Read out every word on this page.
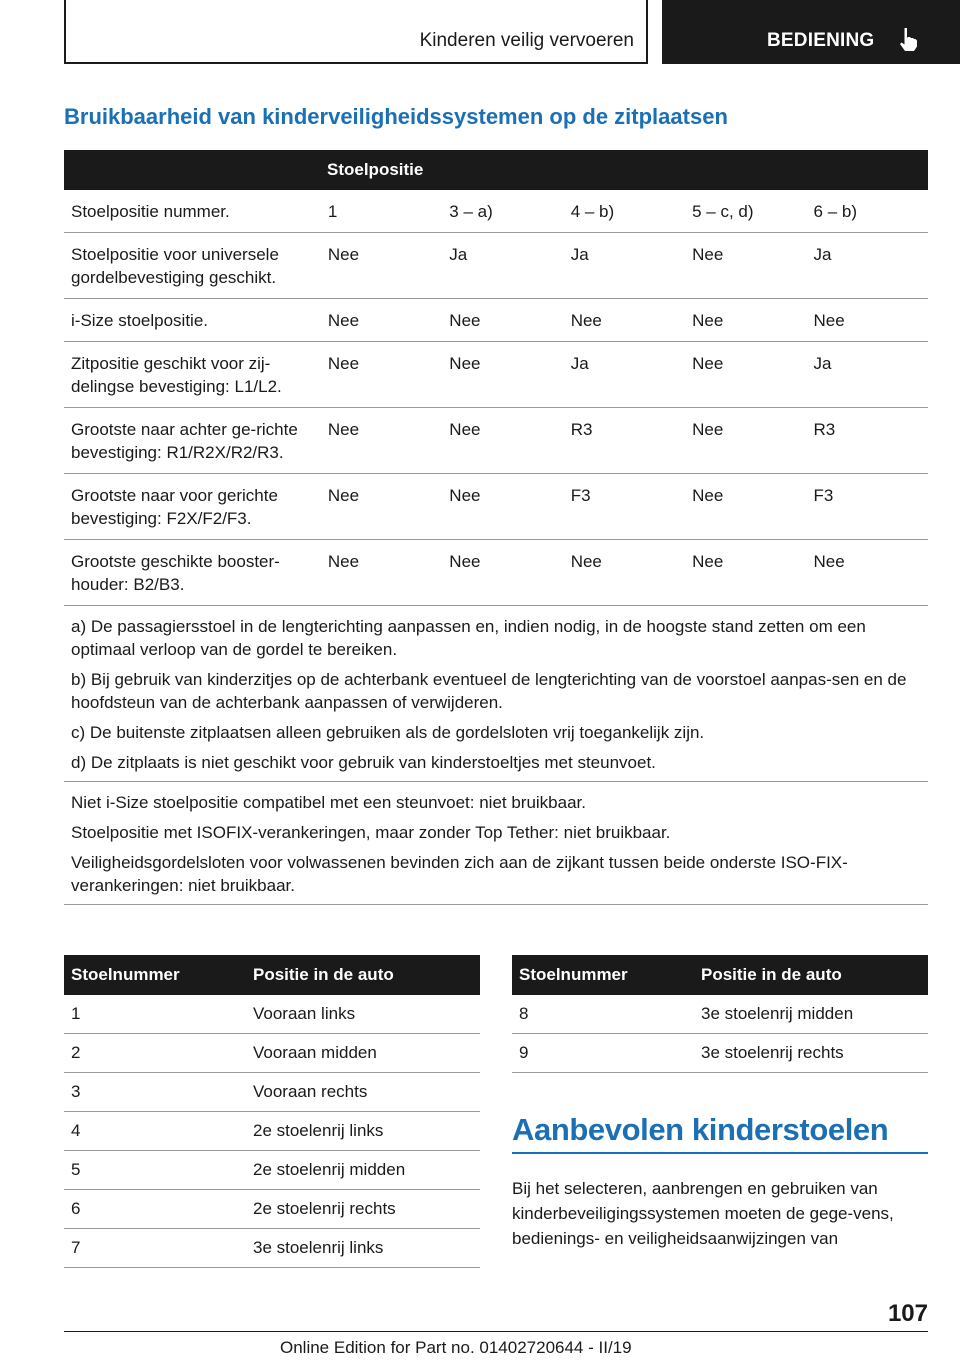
Kinderen veilig vervoeren	BEDIENING
Bruikbaarheid van kinderveiligheidssystemen op de zitplaatsen
Stoelpositie					
Stoelpositie nummer.	1	3 – a)	4 – b)	5 – c, d)	6 – b)
Stoelpositie voor universele gordelbevestiging geschikt.	Nee	Ja	Ja	Nee	Ja
i-Size stoelpositie.	Nee	Nee	Nee	Nee	Nee
Zitpositie geschikt voor zij-delingse bevestiging: L1/L2.	Nee	Nee	Ja	Nee	Ja
Grootste naar achter ge-richte bevestiging: R1/R2X/R2/R3.	Nee	Nee	R3	Nee	R3
Grootste naar voor gerichte bevestiging: F2X/F2/F3.	Nee	Nee	F3	Nee	F3
Grootste geschikte booster-houder: B2/B3.	Nee	Nee	Nee	Nee	Nee

a) De passagiersstoel in de lengterichting aanpassen en, indien nodig, in de hoogste stand zetten om een optimaal verloop van de gordel te bereiken.

b) Bij gebruik van kinderzitjes op de achterbank eventueel de lengterichting van de voorstoel aanpas-sen en de hoofdsteun van de achterbank aanpassen of verwijderen.

c) De buitenste zitplaatsen alleen gebruiken als de gordelsloten vrij toegankelijk zijn.

d) De zitplaats is niet geschikt voor gebruik van kinderstoeltjes met steunvoet.					

Niet i-Size stoelpositie compatibel met een steunvoet: niet bruikbaar.

Stoelpositie met ISOFIX-verankeringen, maar zonder Top Tether: niet bruikbaar.

Veiligheidsgordelsloten voor volwassenen bevinden zich aan de zijkant tussen beide onderste ISO-FIX-verankeringen: niet bruikbaar.					

Stoelnummer	Positie in de auto
1	Vooraan links
2	Vooraan midden
3	Vooraan rechts
4	2e stoelenrij links
5	2e stoelenrij midden
6	2e stoelenrij rechts
7	3e stoelenrij links
Stoelnummer	Positie in de auto
8	3e stoelenrij midden
9	3e stoelenrij rechts
Aanbevolen kinderstoelen
Bij het selecteren, aanbrengen en gebruiken van kinderbeveiligingssystemen moeten de gege-vens, bedienings- en veiligheidsaanwijzingen van
107
Online Edition for Part no. 01402720644 - II/19
